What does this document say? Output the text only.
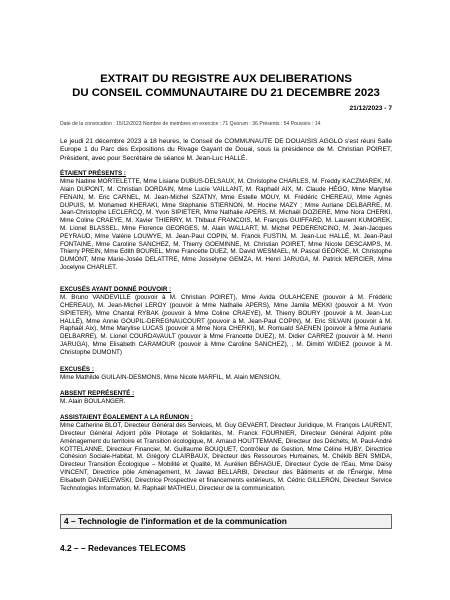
EXTRAIT DU REGISTRE AUX DELIBERATIONS
DU CONSEIL COMMUNAUTAIRE DU 21 DECEMBRE 2023
21/12/2023 - 7
Date de la convocation : 15/12/2023 Nombre de membres en exercice : 71 Quorum : 36 Présents : 54 Pouvoirs : 14
Le jeudi 21 décembre 2023 à 18 heures, le Conseil de COMMUNAUTE DE DOUAISIS AGGLO s'est réuni Salle Europe 1 du Parc des Expositions du Rivage Gayant de Douai, sous la présidence de M. Christian POIRET, Président, avec pour Secrétaire de séance M. Jean-Luc HALLÉ.
ÉTAIENT PRÉSENTS :
Mme Nadine MORTELETTE, Mme Lisiane DUBUS-DELSAUX, M. Christophe CHARLES, M. Freddy KACZMAREK, M. Alain DUPONT, M. Christian DORDAIN, Mme Lucie VAILLANT, M. Raphaël AIX, M. Claude HÉGO, Mme Maryllse FENAIN, M. Eric CARNEL, M. Jean-Michel SZATNY, Mme Estelle MOUY, M. Frédéric CHEREAU, Mme Agnès DUPUIS, M. Mohamed KHERAKI, Mme Stéphanie STIERNON, M. Hocine MAZY ; Mme Auriane DELBARRE, M. Jean-Christophe LECLERCQ, M. Yvon SIPIETER, Mme Nathalie APERS, M. Michaël DOZIERE, Mme Nora CHERKI, Mme Coline CRAEYE, M. Xavier THIERRY, M. Thibaut FRANCOIS, M. François GUIFFARD, M. Laurent KUMOREK, M. Lionel BLASSEL, Mme Florence GEORGES, M. Alain WALLART, M. Michel PEDERENCINO, M. Jean-Jacques PEYRAUD, Mme Valérie LOUWYE, M. Jean-Paul COPIN, M. Franck FUSTIN, M. Jean-Luc HALLÉ, M. Jean-Paul FONTAINE, Mme Caroline SANCHEZ, M. Thierry GOEMINNE, M. Christian POIRET, Mme Nicole DESCAMPS, M. Thierry PREIN, Mme Edith BOUREL, Mme Francette DUEZ, M. David WESMAEL, M. Pascal GEORGE, M. Christophe DUMONT, Mme Marie-Josée DELATTRE, Mme Josselyne GEMZA, M. Henri JARUGA, M. Patrick MERCIER, Mme Jocelyne CHARLET.
EXCUSÉS AYANT DONNÉ POUVOIR :
M. Bruno VANDEVILLE (pouvoir à M. Christian POIRET), Mme Avida OULAHCENE (pouvoir à M. Frédéric CHEREAU), M. Jean-Michel LEROY (pouvoir à Mme Nathalie APERS), Mme Jamila MEKKI (pouvoir à M. Yvon SIPIETER), Mme Chantal RYBAK (pouvoir à Mme Coline CRAEYE), M. Thierry BOURY (pouvoir à M. Jean-Luc HALLÉ), Mme Annie GOUPIL-DEREGNAUCOURT (pouvoir à M. Jean-Paul COPIN), M. Eric SILVAIN (pouvoir à M. Raphaël Aix), Mme Marylise LUCAS (pouvoir à Mme Nora CHERKI), M. Romuald SAENEN (pouvoir à Mme Auriane DELBARRE), M. Lionel COURDAVAULT (pouvoir à Mme Francette DUEZ), M. Didier CARREZ (pouvoir à M. Henri JARUGA), Mme Elisabeth CARAMOUR (pouvoir à Mme Caroline SANCHEZ), , M. Dimitri WIDIEZ (pouvoir à M. Christophe DUMONT)
EXCUSÉS :
Mme Mathilde GUILAIN-DESMONS, Mme Nicole MARFIL, M. Alain MENSION,
ABSENT REPRÉSENTÉ :
M. Alain BOULANGER.
ASSISTAIENT ÉGALEMENT A LA RÉUNION :
Mme Catherine BLOT, Directeur Général des Services, M. Guy GEVAERT, Directeur Juridique, M. François LAURENT, Directeur Général Adjoint pôle Pilotage et Solidarités, M. Franck FOURNIER, Directeur Général Adjoint pôle Aménagement du territoire et Transition écologique, M. Arnaud HOUTTEMANE, Directeur des Déchets, M. Paul-André KOTTELANNE, Directeur Financier, M. Guillaume BOUQUET, Contrôleur de Gestion, Mme Céline HUBY, Directrice Cohésion Sociale-Habitat, M. Grégory CLAIRBAUX, Directeur des Ressources Humaines, M. Chékib BEN SMIDA, Directeur Transition Écologique – Mobilité et Qualité, M. Aurélien BÉHAGUE, Directeur Cycle de l'Eau, Mme Daisy VINCENT, Directrice pôle Aménagement, M. Jawad BELLARBI, Directeur des Bâtiments et de l'Énergie, Mme Elisabeth DANIELEWSKI, Directrice Prospective et financements extérieurs, M. Cédric GILLERON, Directeur Service Technologies Information, M. Raphaël MATHIEU, Directeur de la communication.
4 – Technologie de l'information et de la communication
4.2 – – Redevances TELECOMS
